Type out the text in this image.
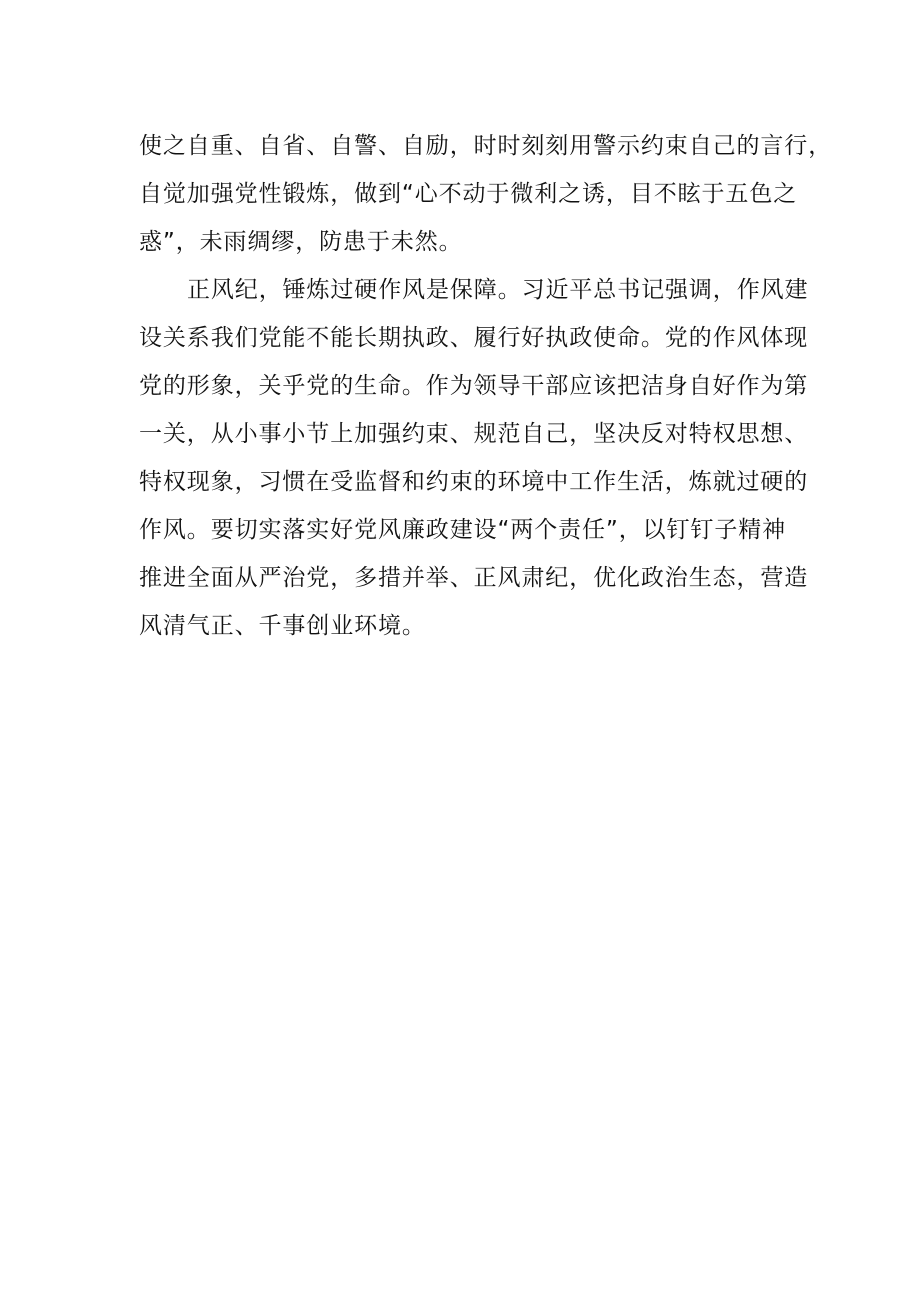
使之自重、自省、自警、自励，时时刻刻用警示约束自己的言行，
自觉加强党性锻炼，做到“心不动于微利之诱，目不眩于五色之
惑”，未雨绸缪，防患于未然。
正风纪，锤炼过硬作风是保障。习近平总书记强调，作风建
设关系我们党能不能长期执政、履行好执政使命。党的作风体现
党的形象，关乎党的生命。作为领导干部应该把洁身自好作为第
一关，从小事小节上加强约束、规范自己，坚决反对特权思想、
特权现象，习惯在受监督和约束的环境中工作生活，炼就过硬的
作风。要切实落实好党风廉政建设“两个责任”，以钉钉子精神
推进全面从严治党，多措并举、正风肃纪，优化政治生态，营造
风清气正、千事创业环境。
